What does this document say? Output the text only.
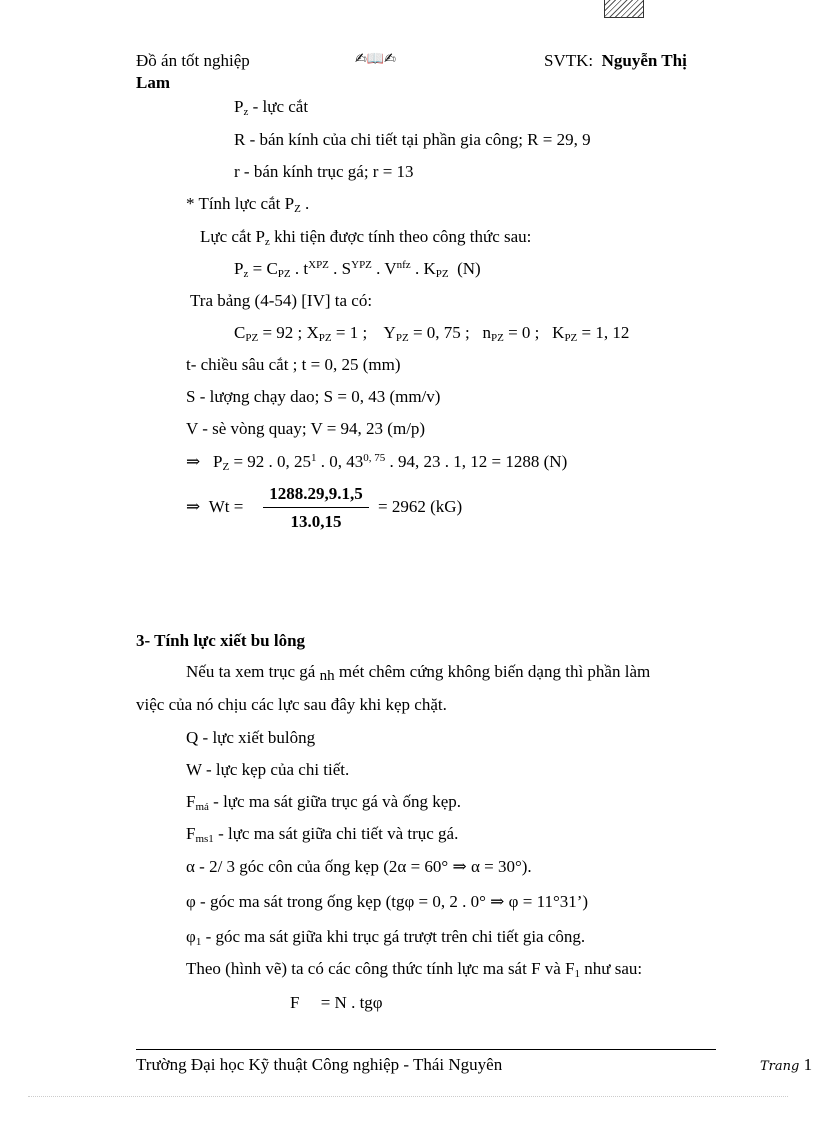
Đồ án tốt nghiệp	✍📖✍	SVTK: Nguyễn Thị
Lam
$P_z$ - lực cắt
R - bán kính của chi tiết tại phần gia công; R = 29, 9
r - bán kính trục gá; r = 13
* Tính lực cắt $P_Z$ .
Lực cắt $P_z$ khi tiện được tính theo công thức sau:
$P_z = C_{PZ}$ . $t^{XPZ}$ . $S^{YPZ}$ . $V^{nfz}$ . $K_{PZ}$  (N)
Tra bảng (4-54) [IV] ta có:
$C_{PZ} = 92$ ; $X_{PZ} = 1$ ;    $Y_{PZ} = 0$, 75 ;   $n_{PZ} = 0$ ;   $K_{PZ} = 1$, 12
t- chiều sâu cắt ; t = 0, 25 (mm)
S - lượng chạy dao; S = 0, 43 (mm/v)
V - sè vòng quay; V = 94, 23 (m/p)
⇒ $P_Z = 92$ . 0, $25^1$ . 0, 43$^{0, 75}$ . 94, 23 . 1, 12 = 1288 (N)
⇒ $Wt = \frac{1288.29,9.1,5}{13.0,15} = 2962$ (kG)
3- Tính lực xiết bu lông
Nếu ta xem trục gá nh mét chêm cứng không biến dạng thì phần làm
việc của nó chịu các lực sau đây khi kẹp chặt.
Q - lực xiết bulông
W - lực kẹp của chi tiết.
$F_{má}$ - lực ma sát giữa trục gá và ống kẹp.
$F_{ms1}$ - lực ma sát giữa chi tiết và trục gá.
α - 2/ 3 góc côn của ống kẹp (2α = 60° ⇒ α = 30°).
φ - góc ma sát trong ống kẹp (tgφ = 0, 2 . 0° ⇒ φ = 11°31’)
$\varphi_1$ - góc ma sát giữa khi trục gá trượt trên chi tiết gia công.
Theo (hình vẽ) ta có các công thức tính lực ma sát F và $F_1$ như sau:
F     = N . tgφ
Trường Đại học Kỹ thuật Công nghiệp - Thái Nguyên	Trang 1
